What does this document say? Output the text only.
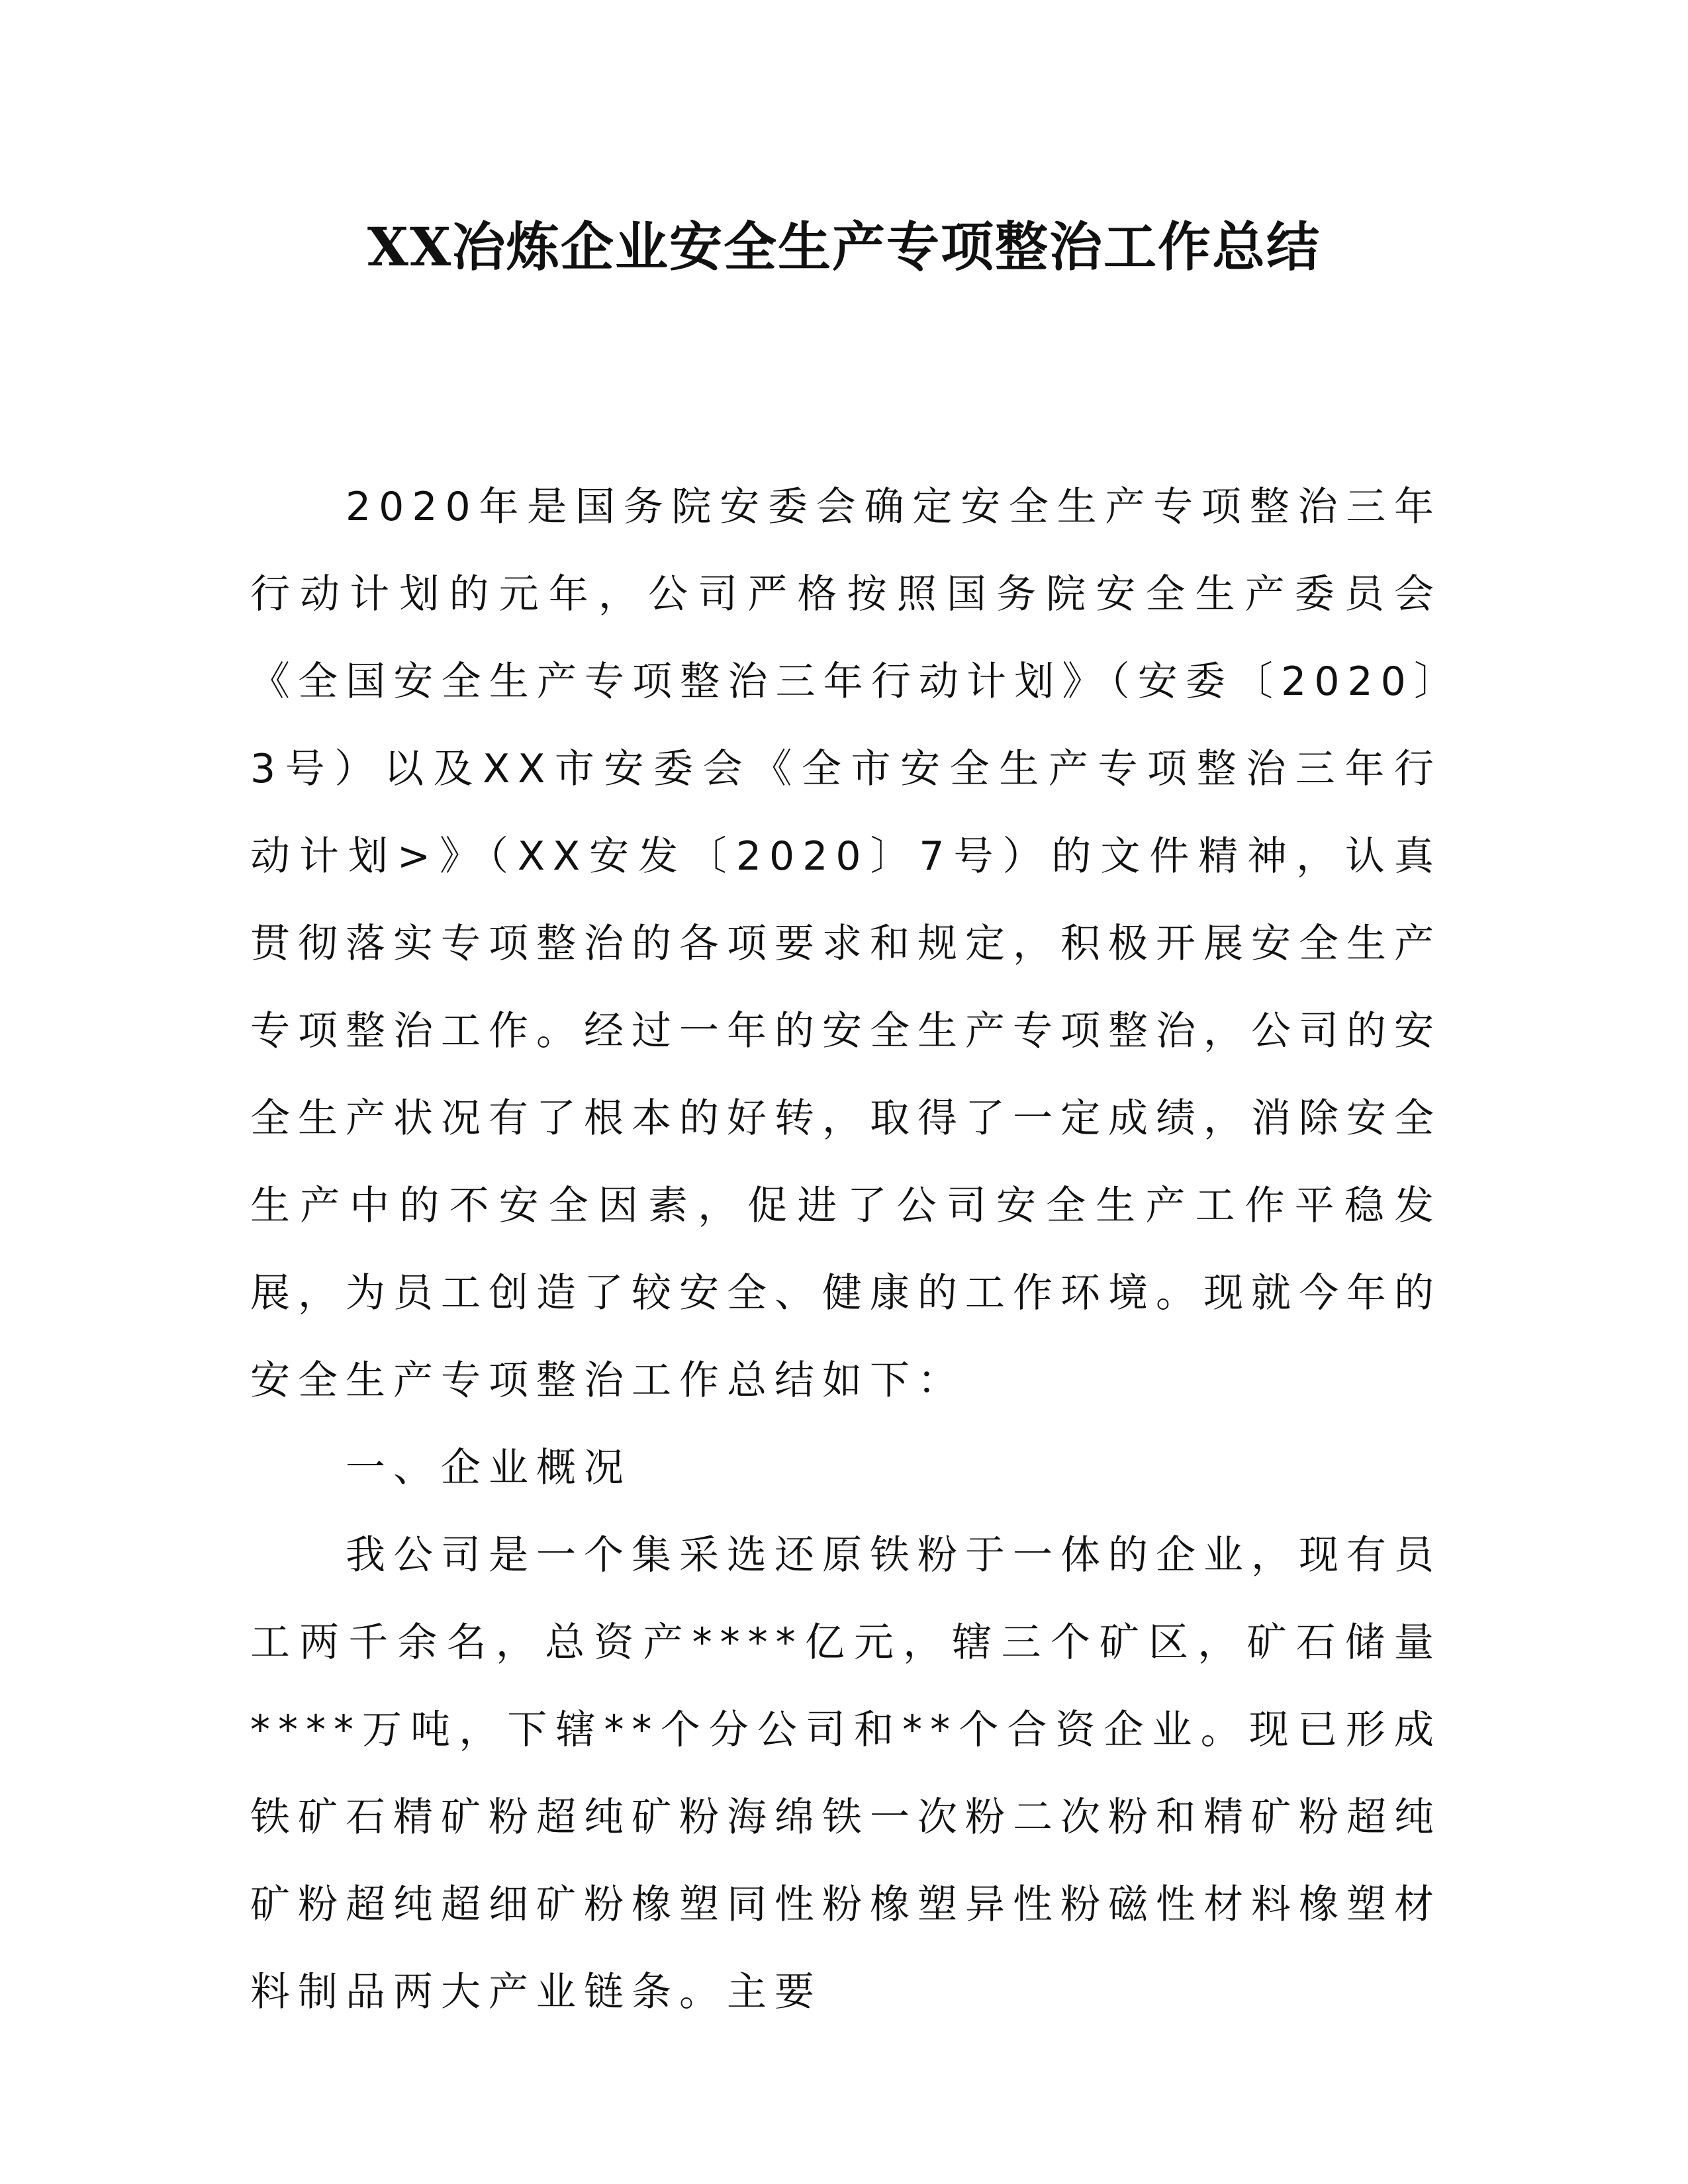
XX冶炼企业安全生产专项整治工作总结

2020年是国务院安委会确定安全生产专项整治三年行动计划的元年，公司严格按照国务院安全生产委员会《全国安全生产专项整治三年行动计划》（安委〔2020〕3号）以及XX市安委会《全市安全生产专项整治三年行动计划>》（XX安发〔2020〕7号）的文件精神，认真贯彻落实专项整治的各项要求和规定，积极开展安全生产专项整治工作。经过一年的安全生产专项整治，公司的安全生产状况有了根本的好转，取得了一定成绩，消除安全生产中的不安全因素，促进了公司安全生产工作平稳发展，为员工创造了较安全、健康的工作环境。现就今年的安全生产专项整治工作总结如下：

一、企业概况

我公司是一个集采选还原铁粉于一体的企业，现有员工两千余名，总资产****亿元，辖三个矿区，矿石储量****万吨，下辖**个分公司和**个合资企业。现已形成铁矿石精矿粉超纯矿粉海绵铁一次粉二次粉和精矿粉超纯矿粉超纯超细矿粉橡塑同性粉橡塑异性粉磁性材料橡塑材料制品两大产业链条。主要
